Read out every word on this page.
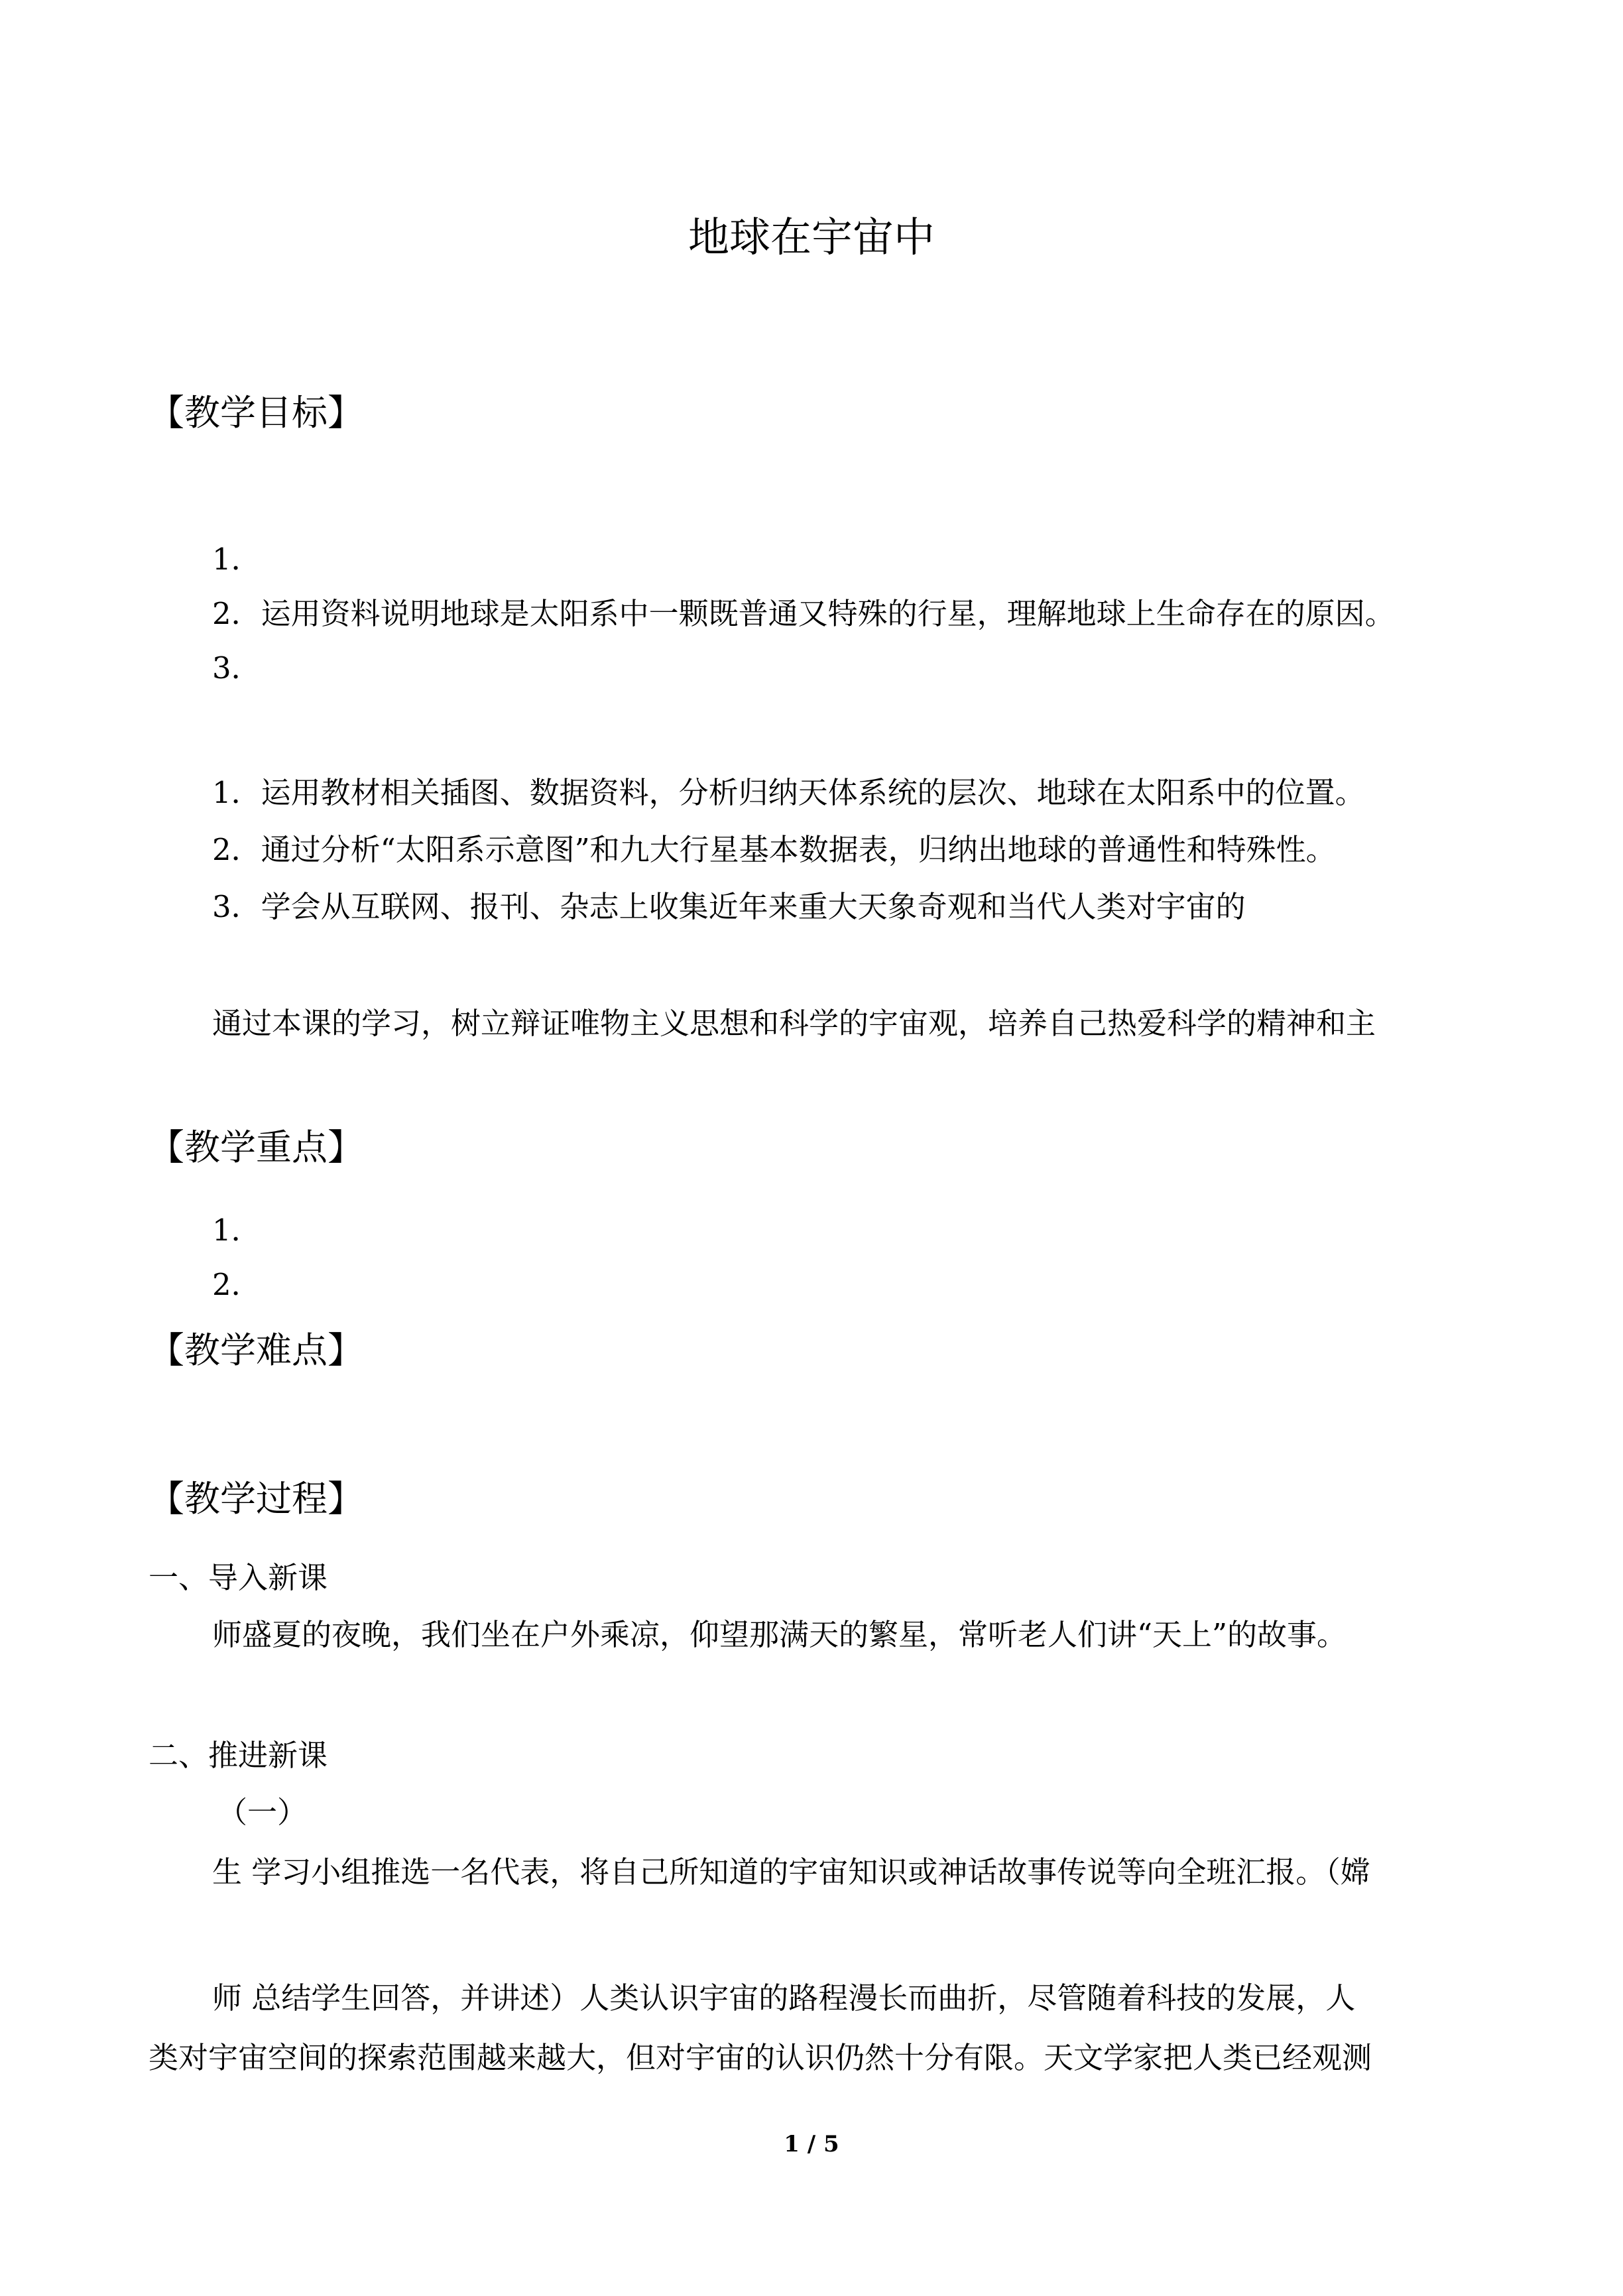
地球在宇宙中
【教学目标】

1．

2．运用资料说明地球是太阳系中一颗既普通又特殊的行星，理解地球上生命存在的原因。

3．

1．运用教材相关插图、数据资料，分析归纳天体系统的层次、地球在太阳系中的位置。

2．通过分析“太阳系示意图”和九大行星基本数据表，归纳出地球的普通性和特殊性。

3．学会从互联网、报刊、杂志上收集近年来重大天象奇观和当代人类对宇宙的

通过本课的学习，树立辩证唯物主义思想和科学的宇宙观，培养自己热爱科学的精神和主

【教学重点】

1．

2．

【教学难点】
【教学过程】

一、导入新课

师盛夏的夜晚，我们坐在户外乘凉，仰望那满天的繁星，常听老人们讲“天上”的故事。

二、推进新课

（一）

生 学习小组推选一名代表，将自己所知道的宇宙知识或神话故事传说等向全班汇报。（嫦

师 总结学生回答，并讲述）人类认识宇宙的路程漫长而曲折，尽管随着科技的发展，人

类对宇宙空间的探索范围越来越大，但对宇宙的认识仍然十分有限。天文学家把人类已经观测

1 / 5
